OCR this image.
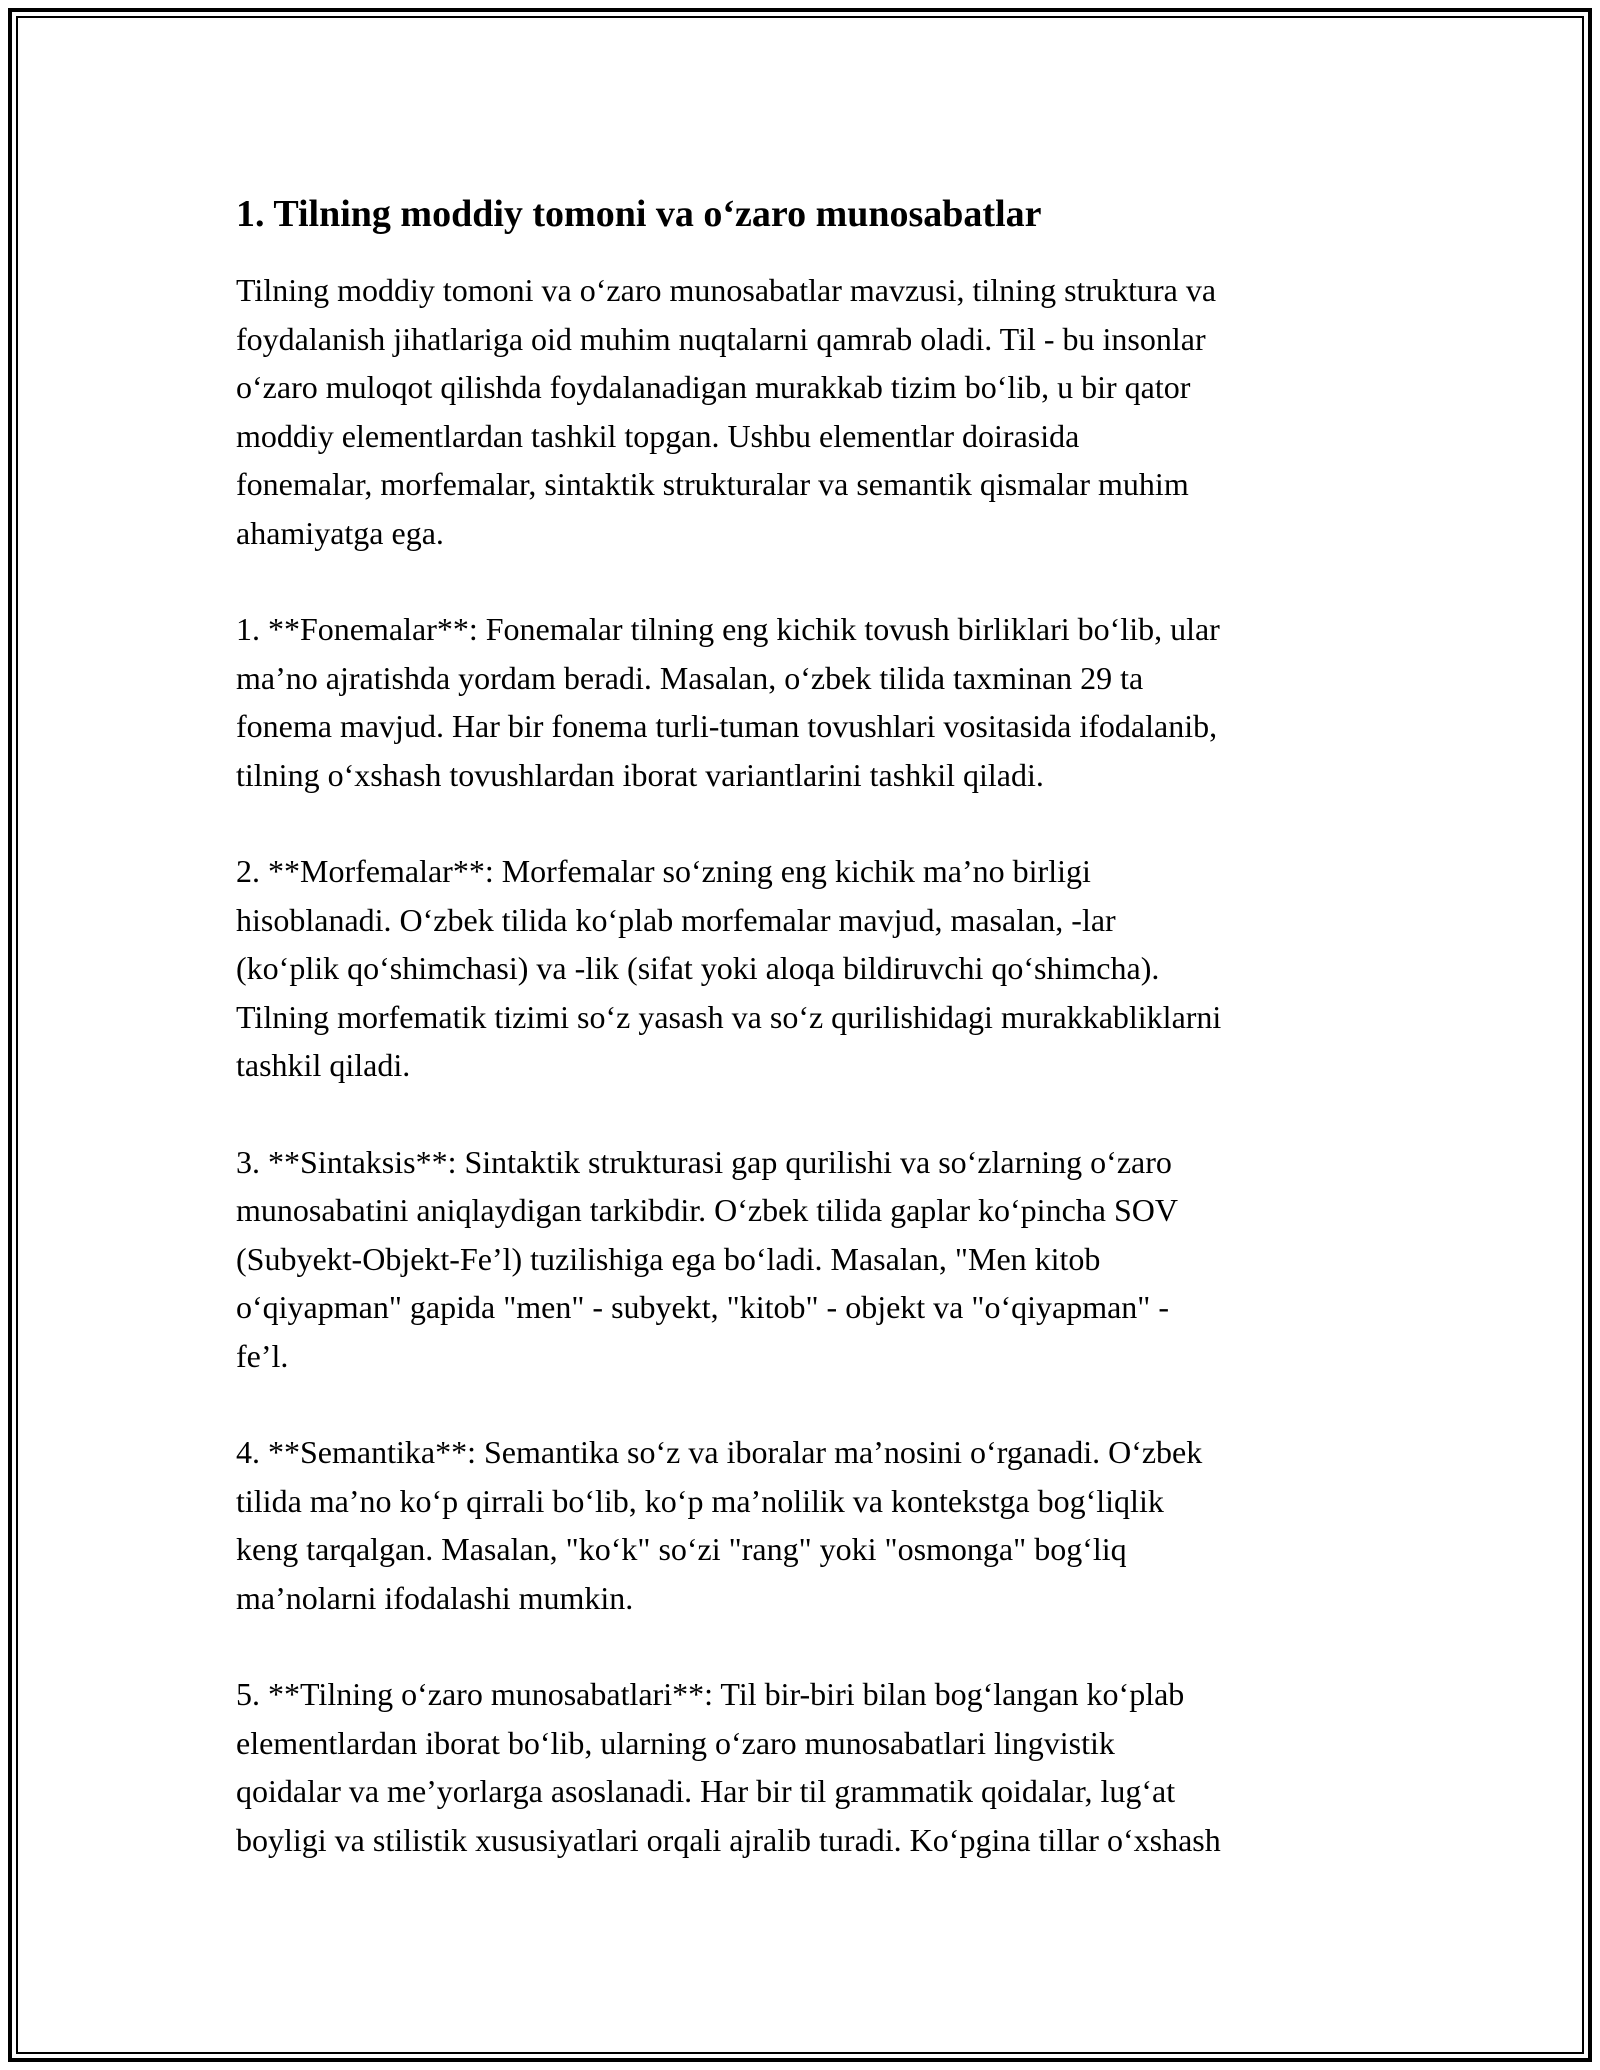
1. Tilning moddiy tomoni va o‘zaro munosabatlar

Tilning moddiy tomoni va o‘zaro munosabatlar mavzusi, tilning struktura va
foydalanish jihatlariga oid muhim nuqtalarni qamrab oladi. Til - bu insonlar
o‘zaro muloqot qilishda foydalanadigan murakkab tizim bo‘lib, u bir qator
moddiy elementlardan tashkil topgan. Ushbu elementlar doirasida
fonemalar, morfemalar, sintaktik strukturalar va semantik qismalar muhim
ahamiyatga ega.

1. **Fonemalar**: Fonemalar tilning eng kichik tovush birliklari bo‘lib, ular
ma’no ajratishda yordam beradi. Masalan, o‘zbek tilida taxminan 29 ta
fonema mavjud. Har bir fonema turli-tuman tovushlari vositasida ifodalanib,
tilning o‘xshash tovushlardan iborat variantlarini tashkil qiladi.

2. **Morfemalar**: Morfemalar so‘zning eng kichik ma’no birligi
hisoblanadi. O‘zbek tilida ko‘plab morfemalar mavjud, masalan, -lar
(ko‘plik qo‘shimchasi) va -lik (sifat yoki aloqa bildiruvchi qo‘shimcha).
Tilning morfematik tizimi so‘z yasash va so‘z qurilishidagi murakkabliklarni
tashkil qiladi.

3. **Sintaksis**: Sintaktik strukturasi gap qurilishi va so‘zlarning o‘zaro
munosabatini aniqlaydigan tarkibdir. O‘zbek tilida gaplar ko‘pincha SOV
(Subyekt-Objekt-Fe’l) tuzilishiga ega bo‘ladi. Masalan, "Men kitob
o‘qiyapman" gapida "men" - subyekt, "kitob" - objekt va "o‘qiyapman" -
fe’l.

4. **Semantika**: Semantika so‘z va iboralar ma’nosini o‘rganadi. O‘zbek
tilida ma’no ko‘p qirrali bo‘lib, ko‘p ma’nolilik va kontekstga bog‘liqlik
keng tarqalgan. Masalan, "ko‘k" so‘zi "rang" yoki "osmonga" bog‘liq
ma’nolarni ifodalashi mumkin.

5. **Tilning o‘zaro munosabatlari**: Til bir-biri bilan bog‘langan ko‘plab
elementlardan iborat bo‘lib, ularning o‘zaro munosabatlari lingvistik
qoidalar va me’yorlarga asoslanadi. Har bir til grammatik qoidalar, lug‘at
boyligi va stilistik xususiyatlari orqali ajralib turadi. Ko‘pgina tillar o‘xshash
